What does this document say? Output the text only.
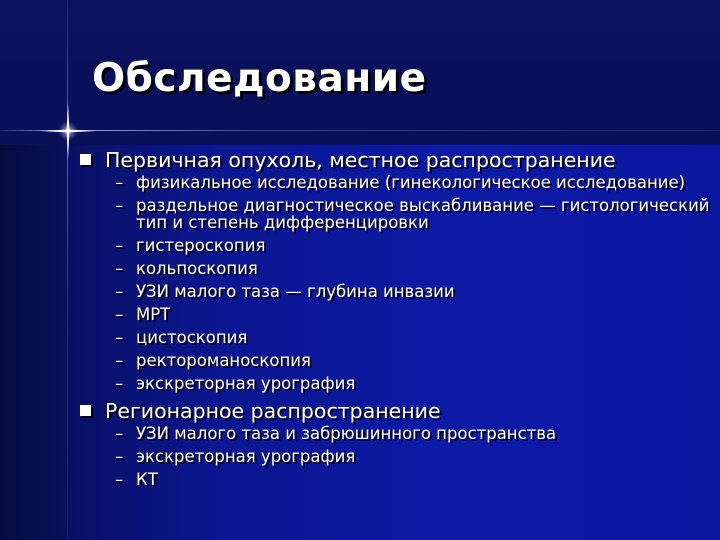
Обследование
Первичная опухоль, местное распространение
– физикальное исследование (гинекологическое исследование)
– раздельное диагностическое выскабливание — гистологический тип и степень дифференцировки
– гистероскопия
– кольпоскопия
– УЗИ малого таза — глубина инвазии
– МРТ
– цистоскопия
– ректороманоскопия
– экскреторная урография
Регионарное распространение
– УЗИ малого таза и забрюшинного пространства
– экскреторная урография
– КТ
